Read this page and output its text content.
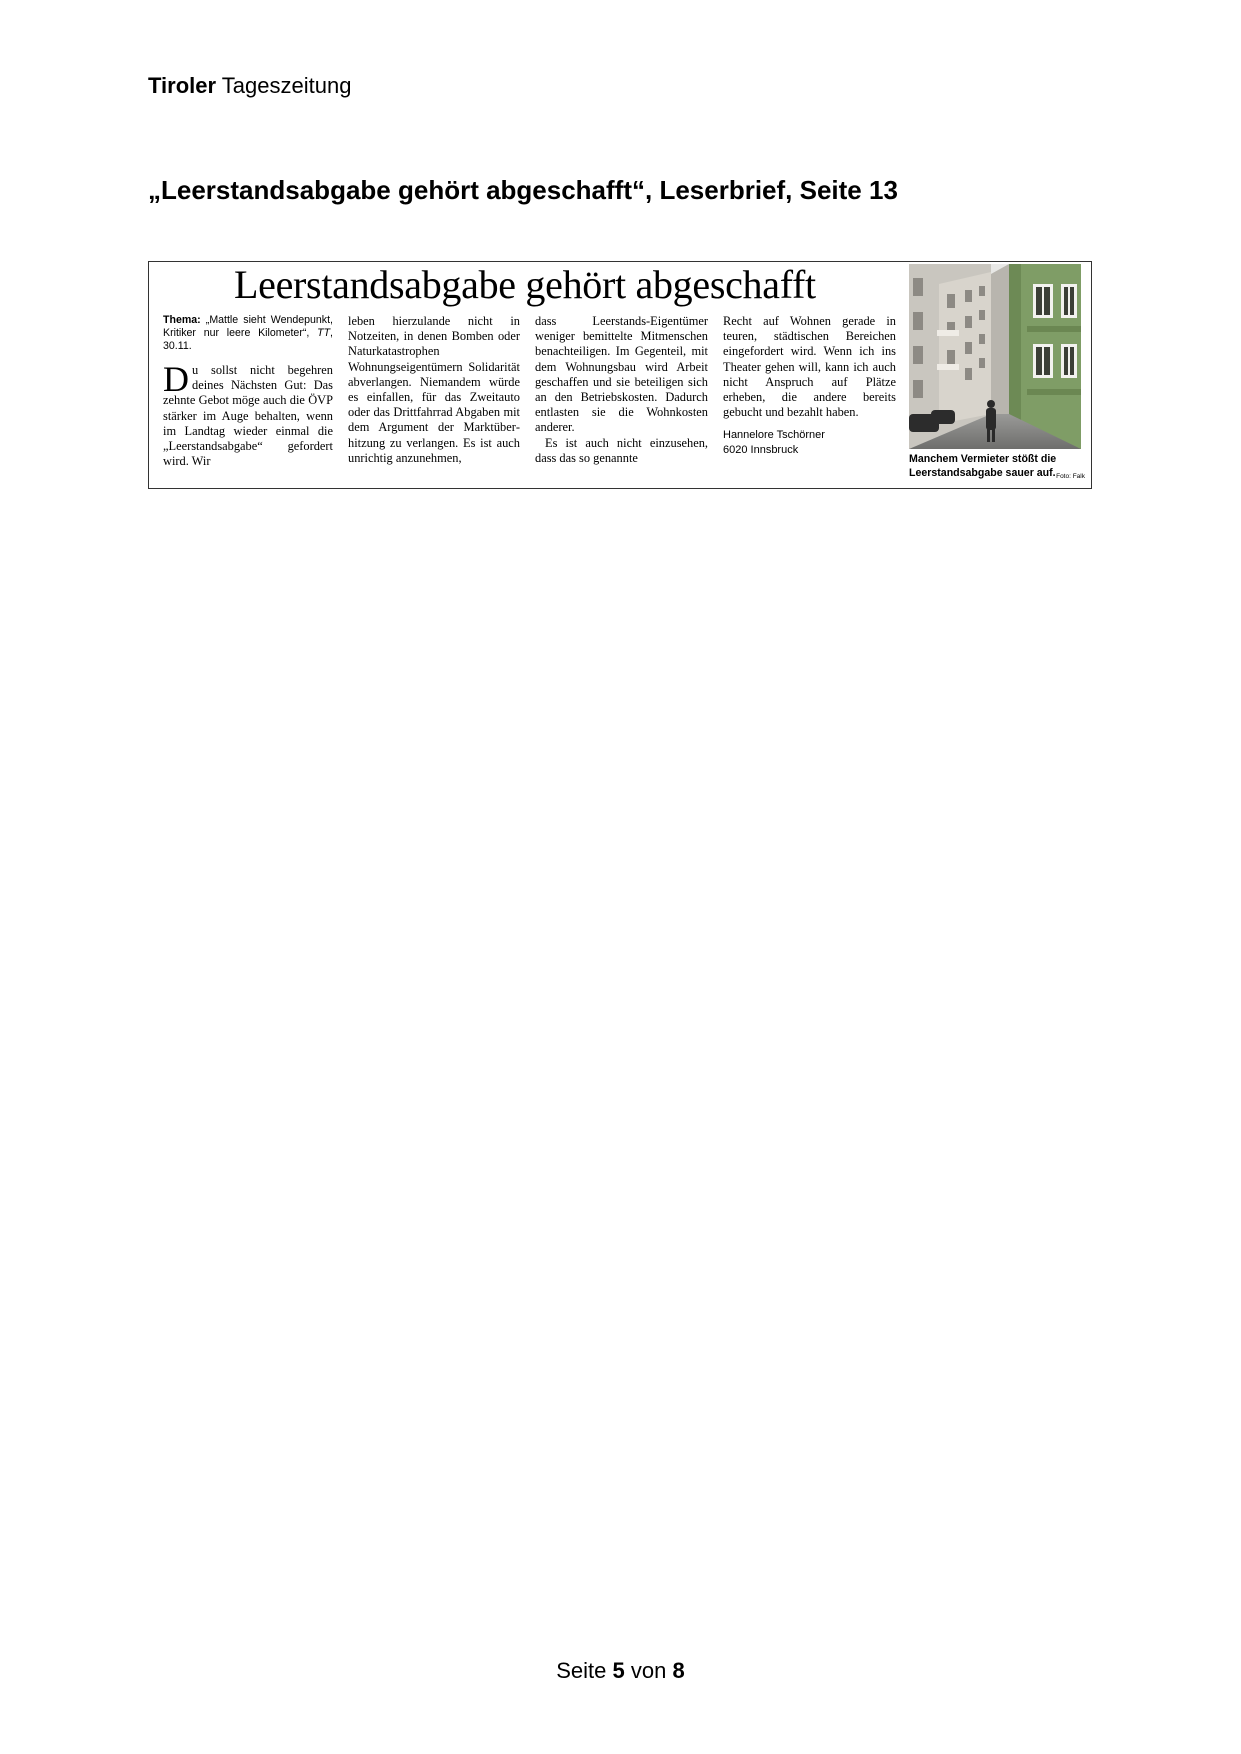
Tiroler Tageszeitung
„Leerstandsabgabe gehört abgeschafft“, Leserbrief, Seite 13
Leerstandsabgabe gehört abgeschafft

Thema: „Mattle sieht Wendepunkt, Kritiker nur leere Kilometer“, TT, 30.11.

Du sollst nicht begehren deines Nächsten Gut: Das zehnte Gebot möge auch die ÖVP stärker im Auge behalten, wenn im Landtag wieder einmal die „Leerstandsabgabe“ gefordert wird. Wir

leben hierzulande nicht in Notzeiten, in denen Bomben oder Naturkatastrophen Wohnungseigentümern Solidarität abverlangen. Niemandem würde es einfallen, für das Zweitauto oder das Drittfahrrad Abgaben mit dem Argument der Marktüberhitzung zu verlangen. Es ist auch unrichtig anzunehmen,

dass Leerstands-Eigentümer weniger bemittelte Mitmenschen benachteiligen. Im Gegenteil, mit dem Wohnungsbau wird Arbeit geschaffen und sie beteiligen sich an den Betriebskosten. Dadurch entlasten sie die Wohnkosten anderer.

Es ist auch nicht einzusehen, dass das so genannte

Recht auf Wohnen gerade in teuren, städtischen Bereichen eingefordert wird. Wenn ich ins Theater gehen will, kann ich auch nicht Anspruch auf Plätze erheben, die andere bereits gebucht und bezahlt haben.

Hannelore Tschörner
6020 Innsbruck

Manchem Vermieter stößt die Leerstandsabgabe sauer auf. Foto: Falk
Seite 5 von 8
